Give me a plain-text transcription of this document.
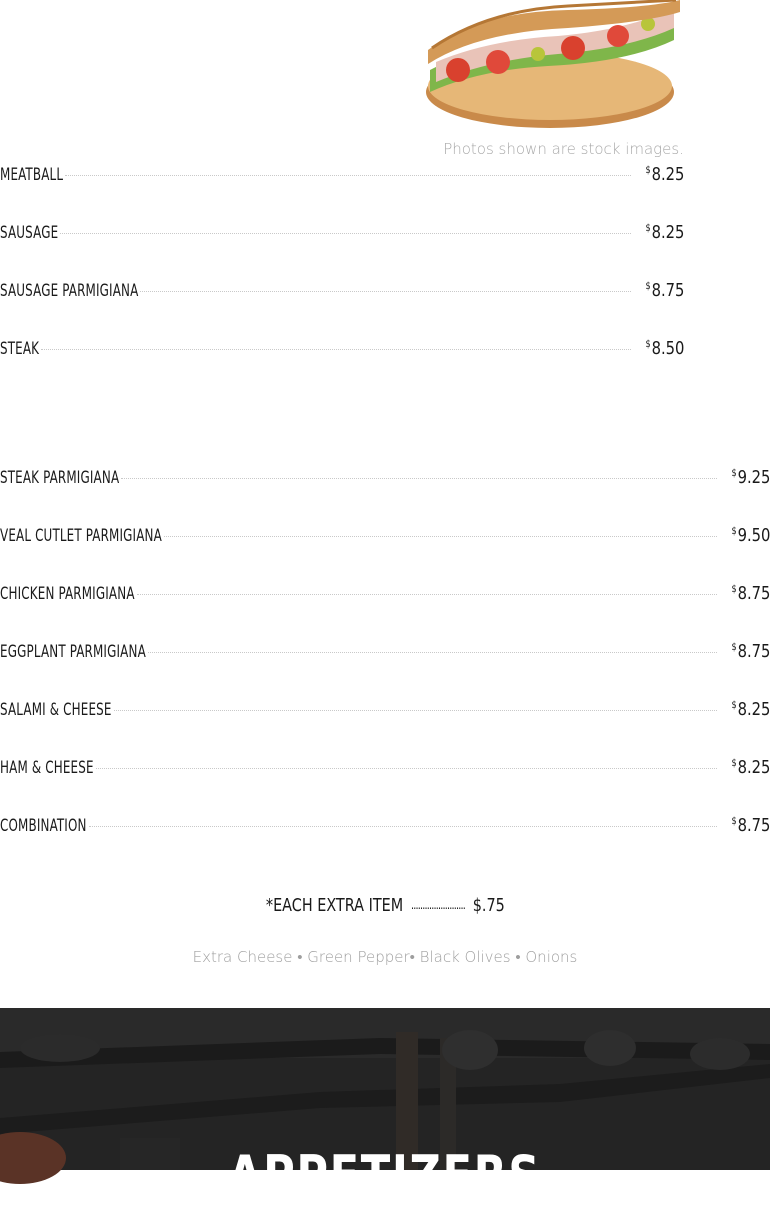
Photos shown are stock images.
MEATBALL	$8.25
SAUSAGE	$8.25
SAUSAGE PARMIGIANA	$8.75
STEAK	$8.50
STEAK PARMIGIANA	$9.25
VEAL CUTLET PARMIGIANA	$9.50
CHICKEN PARMIGIANA	$8.75
EGGPLANT PARMIGIANA	$8.75
SALAMI & CHEESE	$8.25
HAM & CHEESE	$8.25
COMBINATION	$8.75
*EACH EXTRA ITEM ........................ $.75
Extra Cheese • Green Pepper• Black Olives • Onions
APPETIZERS
